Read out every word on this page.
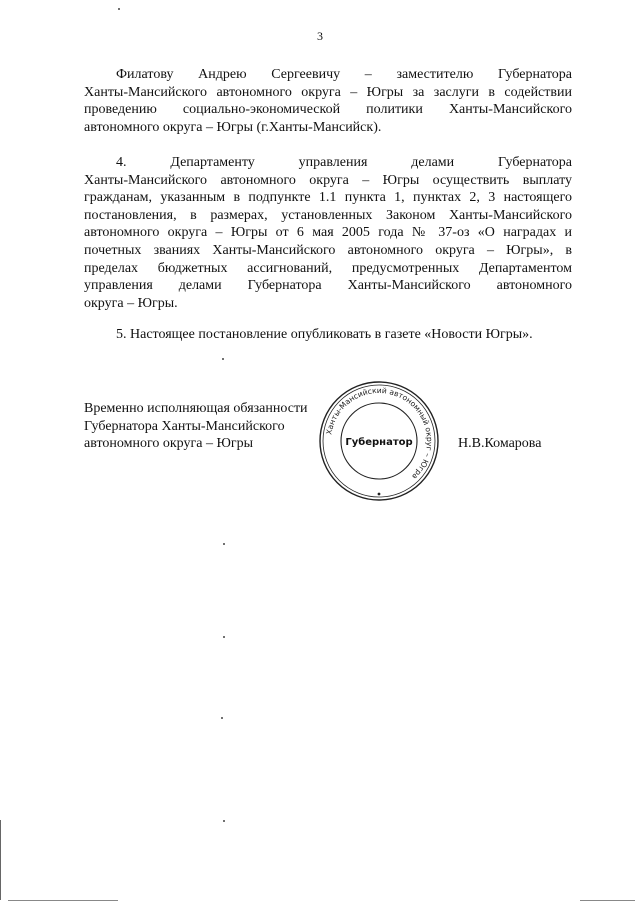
3
Филатову Андрею Сергеевичу – заместителю Губернатора
Ханты-Мансийского автономного округа – Югры за заслуги в содействии
проведению социально-экономической политики Ханты-Мансийского
автономного округа – Югры (г.Ханты-Мансийск).
4. Департаменту управления делами Губернатора
Ханты-Мансийского автономного округа – Югры осуществить выплату
гражданам, указанным в подпункте 1.1 пункта 1, пунктах 2, 3 настоящего
постановления, в размерах, установленных Законом Ханты-Мансийского
автономного округа – Югры от 6 мая 2005 года № 37-оз «О наградах и
почетных званиях Ханты-Мансийского автономного округа – Югры», в
пределах бюджетных ассигнований, предусмотренных Департаментом
управления делами Губернатора Ханты-Мансийского автономного
округа – Югры.
5. Настоящее постановление опубликовать в газете «Новости Югры».
Временно исполняющая обязанности
Губернатора Ханты-Мансийского
автономного округа – Югры
Ханты-Мансийский автономный округ – Югра
Губернатор	Н.В.Комарова
